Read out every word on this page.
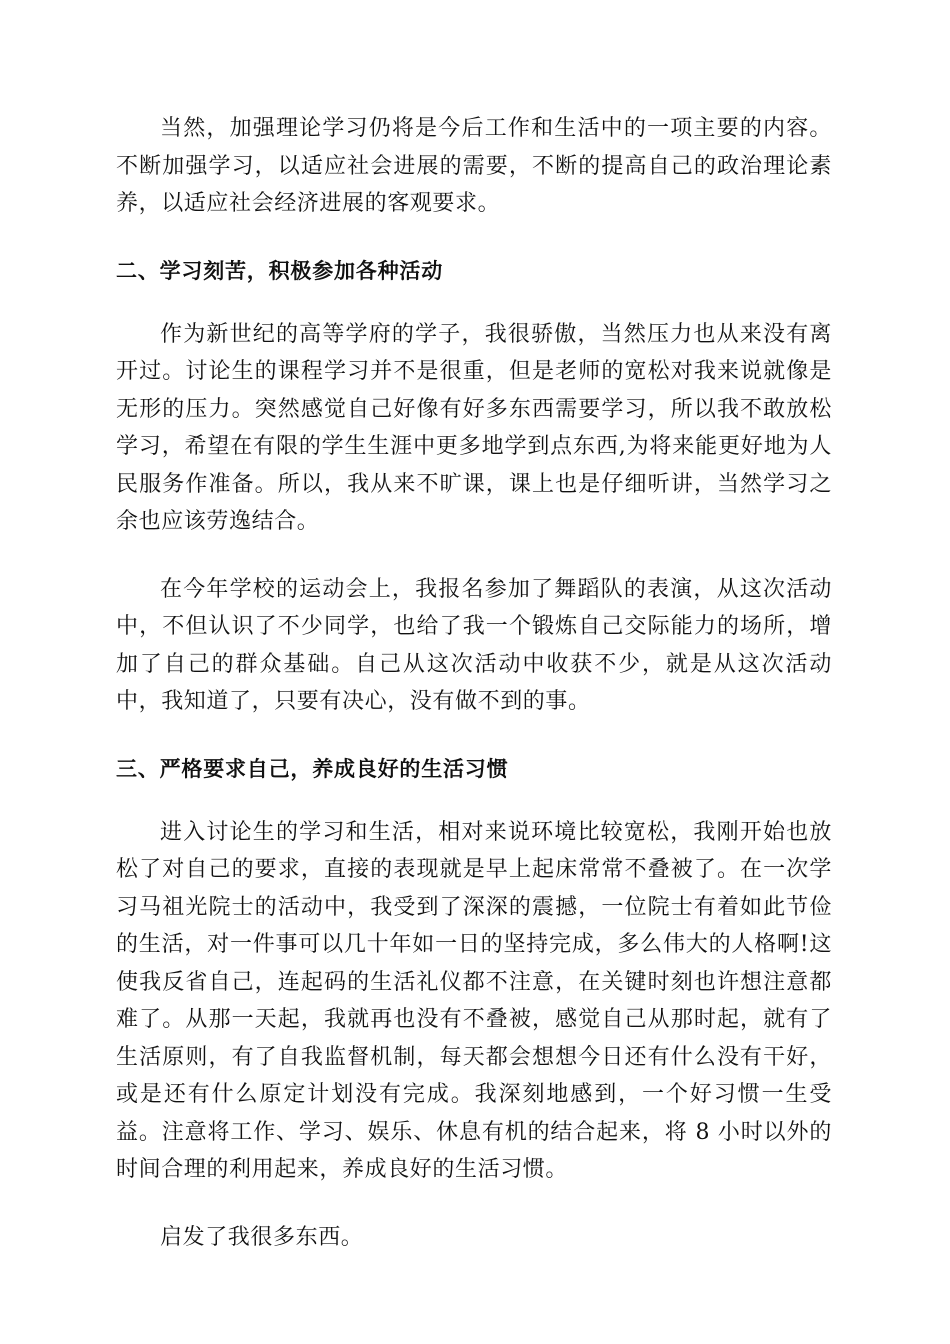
当然，加强理论学习仍将是今后工作和生活中的一项主要的内容。不断加强学习，以适应社会进展的需要，不断的提高自己的政治理论素养，以适应社会经济进展的客观要求。

二、学习刻苦，积极参加各种活动

作为新世纪的高等学府的学子，我很骄傲，当然压力也从来没有离开过。讨论生的课程学习并不是很重，但是老师的宽松对我来说就像是无形的压力。突然感觉自己好像有好多东西需要学习，所以我不敢放松学习，希望在有限的学生生涯中更多地学到点东西,为将来能更好地为人民服务作准备。所以，我从来不旷课，课上也是仔细听讲，当然学习之余也应该劳逸结合。

在今年学校的运动会上，我报名参加了舞蹈队的表演，从这次活动中，不但认识了不少同学，也给了我一个锻炼自己交际能力的场所，增加了自己的群众基础。自己从这次活动中收获不少，就是从这次活动中，我知道了，只要有决心，没有做不到的事。

三、严格要求自己，养成良好的生活习惯

进入讨论生的学习和生活，相对来说环境比较宽松，我刚开始也放松了对自己的要求，直接的表现就是早上起床常常不叠被了。在一次学习马祖光院士的活动中，我受到了深深的震撼，一位院士有着如此节俭的生活，对一件事可以几十年如一日的坚持完成，多么伟大的人格啊!这使我反省自己，连起码的生活礼仪都不注意，在关键时刻也许想注意都难了。从那一天起，我就再也没有不叠被，感觉自己从那时起，就有了生活原则，有了自我监督机制，每天都会想想今日还有什么没有干好，或是还有什么原定计划没有完成。我深刻地感到，一个好习惯一生受益。注意将工作、学习、娱乐、休息有机的结合起来，将 8 小时以外的时间合理的利用起来，养成良好的生活习惯。

启发了我很多东西。
